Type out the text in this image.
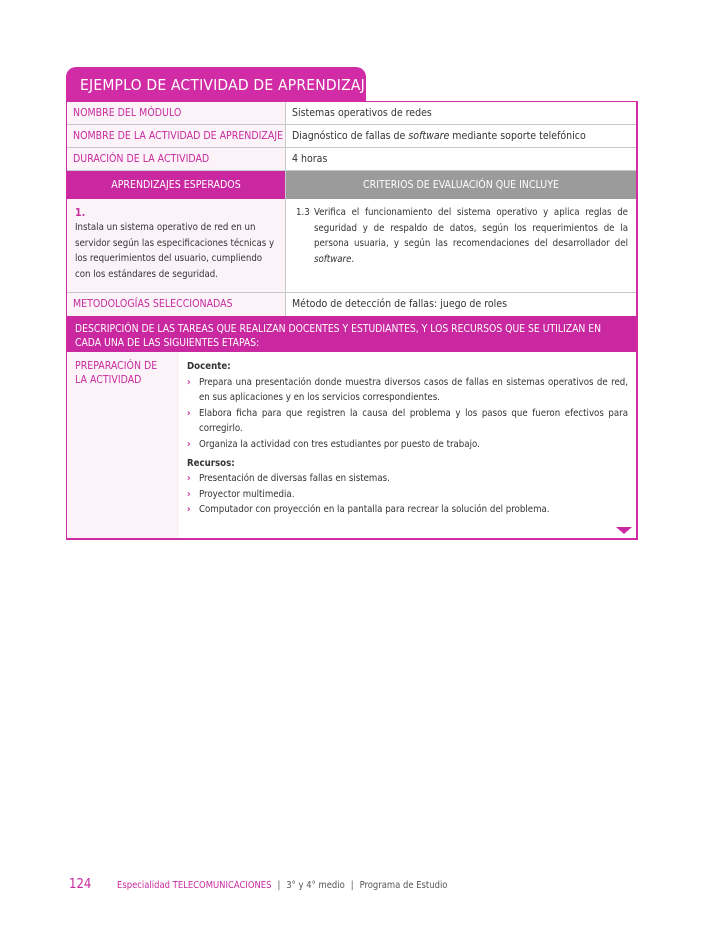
EJEMPLO DE ACTIVIDAD DE APRENDIZAJE
NOMBRE DEL MÓDULO	Sistemas operativos de redes
NOMBRE DE LA ACTIVIDAD DE APRENDIZAJE Diagnóstico de fallas de software mediante soporte telefónico
DURACIÓN DE LA ACTIVIDAD	4 horas
APRENDIZAJES ESPERADOS	CRITERIOS DE EVALUACIÓN QUE INCLUYE
1.
Instala un sistema operativo de red en un servidor según las especificaciones técnicas y los requerimientos del usuario, cumpliendo con los estándares de seguridad.
1.3 Verifica el funcionamiento del sistema operativo y aplica reglas de seguridad y de respaldo de datos, según los requerimientos de la persona usuaria, y según las recomendaciones del desarrollador del software.
METODOLOGÍAS SELECCIONADAS	Método de detección de fallas: juego de roles
DESCRIPCIÓN DE LAS TAREAS QUE REALIZAN DOCENTES Y ESTUDIANTES, Y LOS RECURSOS QUE SE UTILIZAN EN CADA UNA DE LAS SIGUIENTES ETAPAS:
PREPARACIÓN DE LA ACTIVIDAD
Docente:
› Prepara una presentación donde muestra diversos casos de fallas en sistemas operativos de red, en sus aplicaciones y en los servicios correspondientes.
› Elabora ficha para que registren la causa del problema y los pasos que fueron efectivos para corregirlo.
› Organiza la actividad con tres estudiantes por puesto de trabajo.
Recursos:
› Presentación de diversas fallas en sistemas.
› Proyector multimedia.
› Computador con proyección en la pantalla para recrear la solución del problema.
124	Especialidad TELECOMUNICACIONES | 3° y 4° medio | Programa de Estudio
